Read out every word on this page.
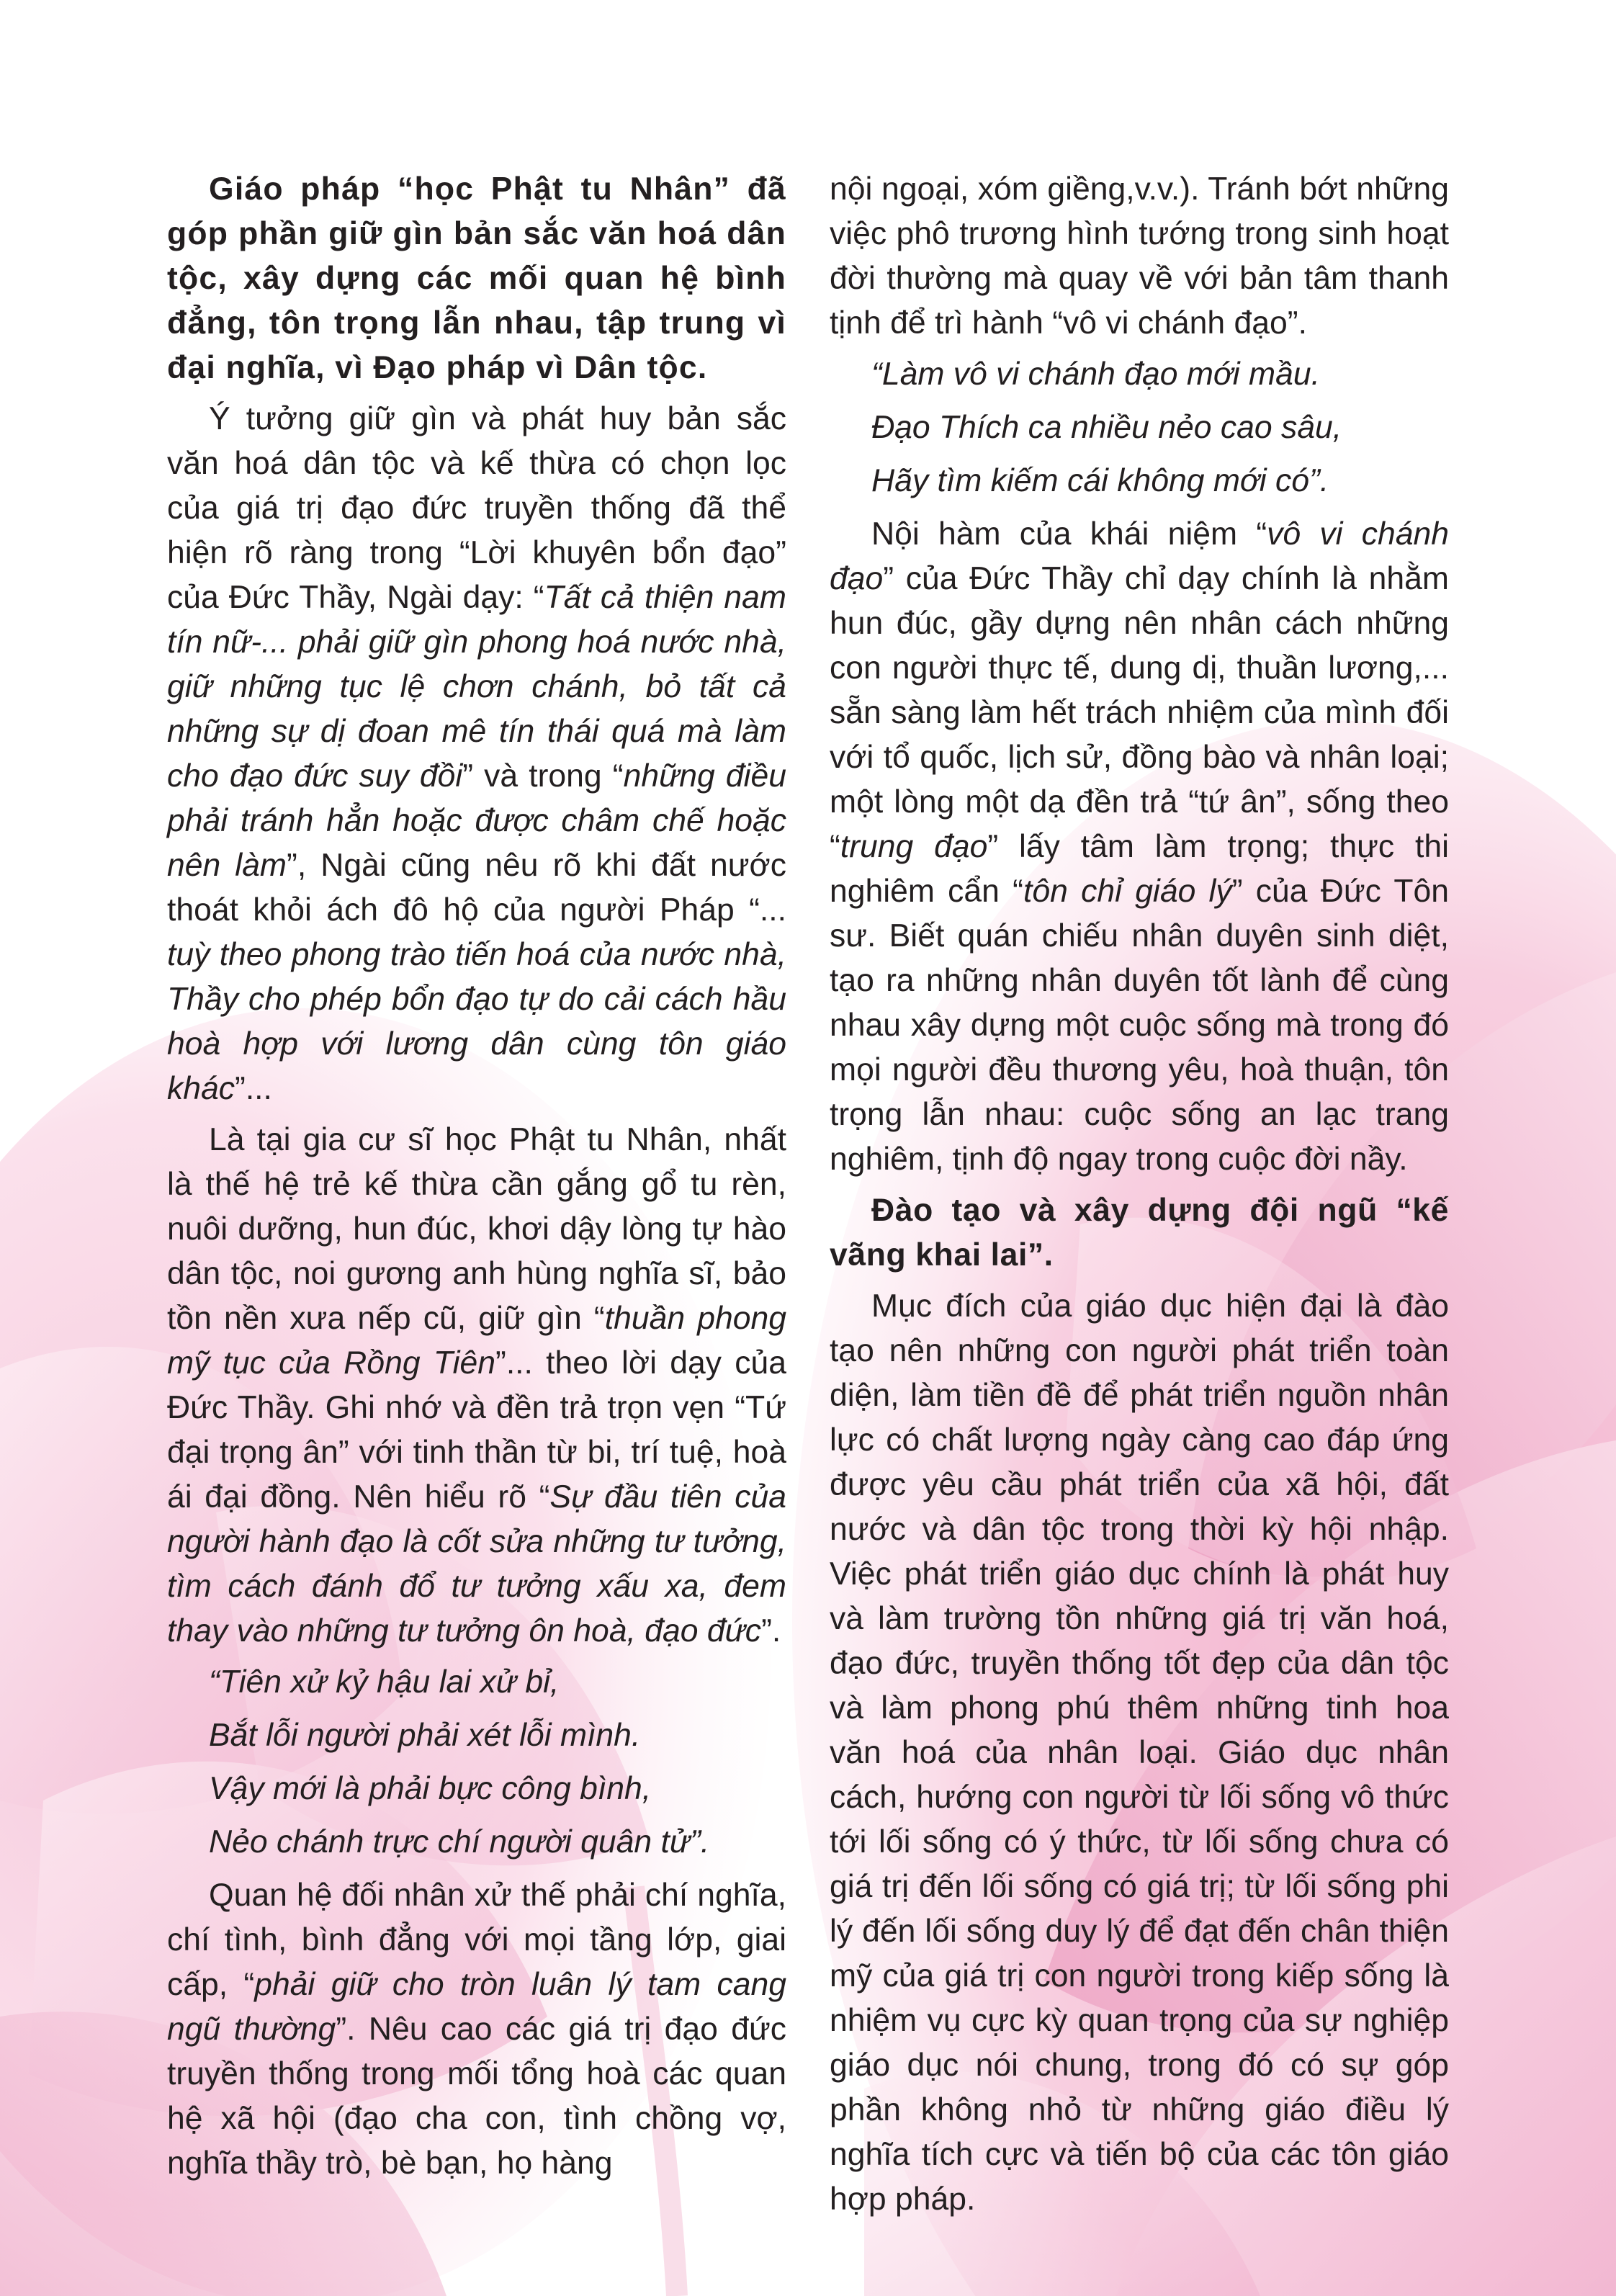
Giáo pháp “học Phật tu Nhân” đã góp phần giữ gìn bản sắc văn hoá dân tộc, xây dựng các mối quan hệ bình đẳng, tôn trọng lẫn nhau, tập trung vì đại nghĩa, vì Đạo pháp vì Dân tộc.

Ý tưởng giữ gìn và phát huy bản sắc văn hoá dân tộc và kế thừa có chọn lọc của giá trị đạo đức truyền thống đã thể hiện rõ ràng trong “Lời khuyên bổn đạo” của Đức Thầy, Ngài dạy: “Tất cả thiện nam tín nữ-... phải giữ gìn phong hoá nước nhà, giữ những tục lệ chơn chánh, bỏ tất cả những sự dị đoan mê tín thái quá mà làm cho đạo đức suy đồi” và trong “những điều phải tránh hẳn hoặc được châm chế hoặc nên làm”, Ngài cũng nêu rõ khi đất nước thoát khỏi ách đô hộ của người Pháp “... tuỳ theo phong trào tiến hoá của nước nhà, Thầy cho phép bổn đạo tự do cải cách hầu hoà hợp với lương dân cùng tôn giáo khác”...

Là tại gia cư sĩ học Phật tu Nhân, nhất là thế hệ trẻ kế thừa cần gắng gổ tu rèn, nuôi dưỡng, hun đúc, khơi dậy lòng tự hào dân tộc, noi gương anh hùng nghĩa sĩ, bảo tồn nền xưa nếp cũ, giữ gìn “thuần phong mỹ tục của Rồng Tiên”... theo lời dạy của Đức Thầy. Ghi nhớ và đền trả trọn vẹn “Tứ đại trọng ân” với tinh thần từ bi, trí tuệ, hoà ái đại đồng. Nên hiểu rõ “Sự đầu tiên của người hành đạo là cốt sửa những tư tưởng, tìm cách đánh đổ tư tưởng xấu xa, đem thay vào những tư tưởng ôn hoà, đạo đức”.

“Tiên xử kỷ hậu lai xử bỉ,

Bắt lỗi người phải xét lỗi mình.

Vậy mới là phải bực công bình,

Nẻo chánh trực chí người quân tử”.

Quan hệ đối nhân xử thế phải chí nghĩa, chí tình, bình đẳng với mọi tầng lớp, giai cấp, “phải giữ cho tròn luân lý tam cang ngũ thường”. Nêu cao các giá trị đạo đức truyền thống trong mối tổng hoà các quan hệ xã hội (đạo cha con, tình chồng vợ, nghĩa thầy trò, bè bạn, họ hàng

nội ngoại, xóm giềng,v.v.). Tránh bớt những việc phô trương hình tướng trong sinh hoạt đời thường mà quay về với bản tâm thanh tịnh để trì hành “vô vi chánh đạo”.

“Làm vô vi chánh đạo mới mầu.

Đạo Thích ca nhiều nẻo cao sâu,

Hãy tìm kiếm cái không mới có”.

Nội hàm của khái niệm “vô vi chánh đạo” của Đức Thầy chỉ dạy chính là nhằm hun đúc, gầy dựng nên nhân cách những con người thực tế, dung dị, thuần lương,... sẵn sàng làm hết trách nhiệm của mình đối với tổ quốc, lịch sử, đồng bào và nhân loại; một lòng một dạ đền trả “tứ ân”, sống theo “trung đạo” lấy tâm làm trọng; thực thi nghiêm cẩn “tôn chỉ giáo lý” của Đức Tôn sư. Biết quán chiếu nhân duyên sinh diệt, tạo ra những nhân duyên tốt lành để cùng nhau xây dựng một cuộc sống mà trong đó mọi người đều thương yêu, hoà thuận, tôn trọng lẫn nhau: cuộc sống an lạc trang nghiêm, tịnh độ ngay trong cuộc đời nầy.

Đào tạo và xây dựng đội ngũ “kế vãng khai lai”.

Mục đích của giáo dục hiện đại là đào tạo nên những con người phát triển toàn diện, làm tiền đề để phát triển nguồn nhân lực có chất lượng ngày càng cao đáp ứng được yêu cầu phát triển của xã hội, đất nước và dân tộc trong thời kỳ hội nhập. Việc phát triển giáo dục chính là phát huy và làm trường tồn những giá trị văn hoá, đạo đức, truyền thống tốt đẹp của dân tộc và làm phong phú thêm những tinh hoa văn hoá của nhân loại. Giáo dục nhân cách, hướng con người từ lối sống vô thức tới lối sống có ý thức, từ lối sống chưa có giá trị đến lối sống có giá trị; từ lối sống phi lý đến lối sống duy lý để đạt đến chân thiện mỹ của giá trị con người trong kiếp sống là nhiệm vụ cực kỳ quan trọng của sự nghiệp giáo dục nói chung, trong đó có sự góp phần không nhỏ từ những giáo điều lý nghĩa tích cực và tiến bộ của các tôn giáo hợp pháp.
